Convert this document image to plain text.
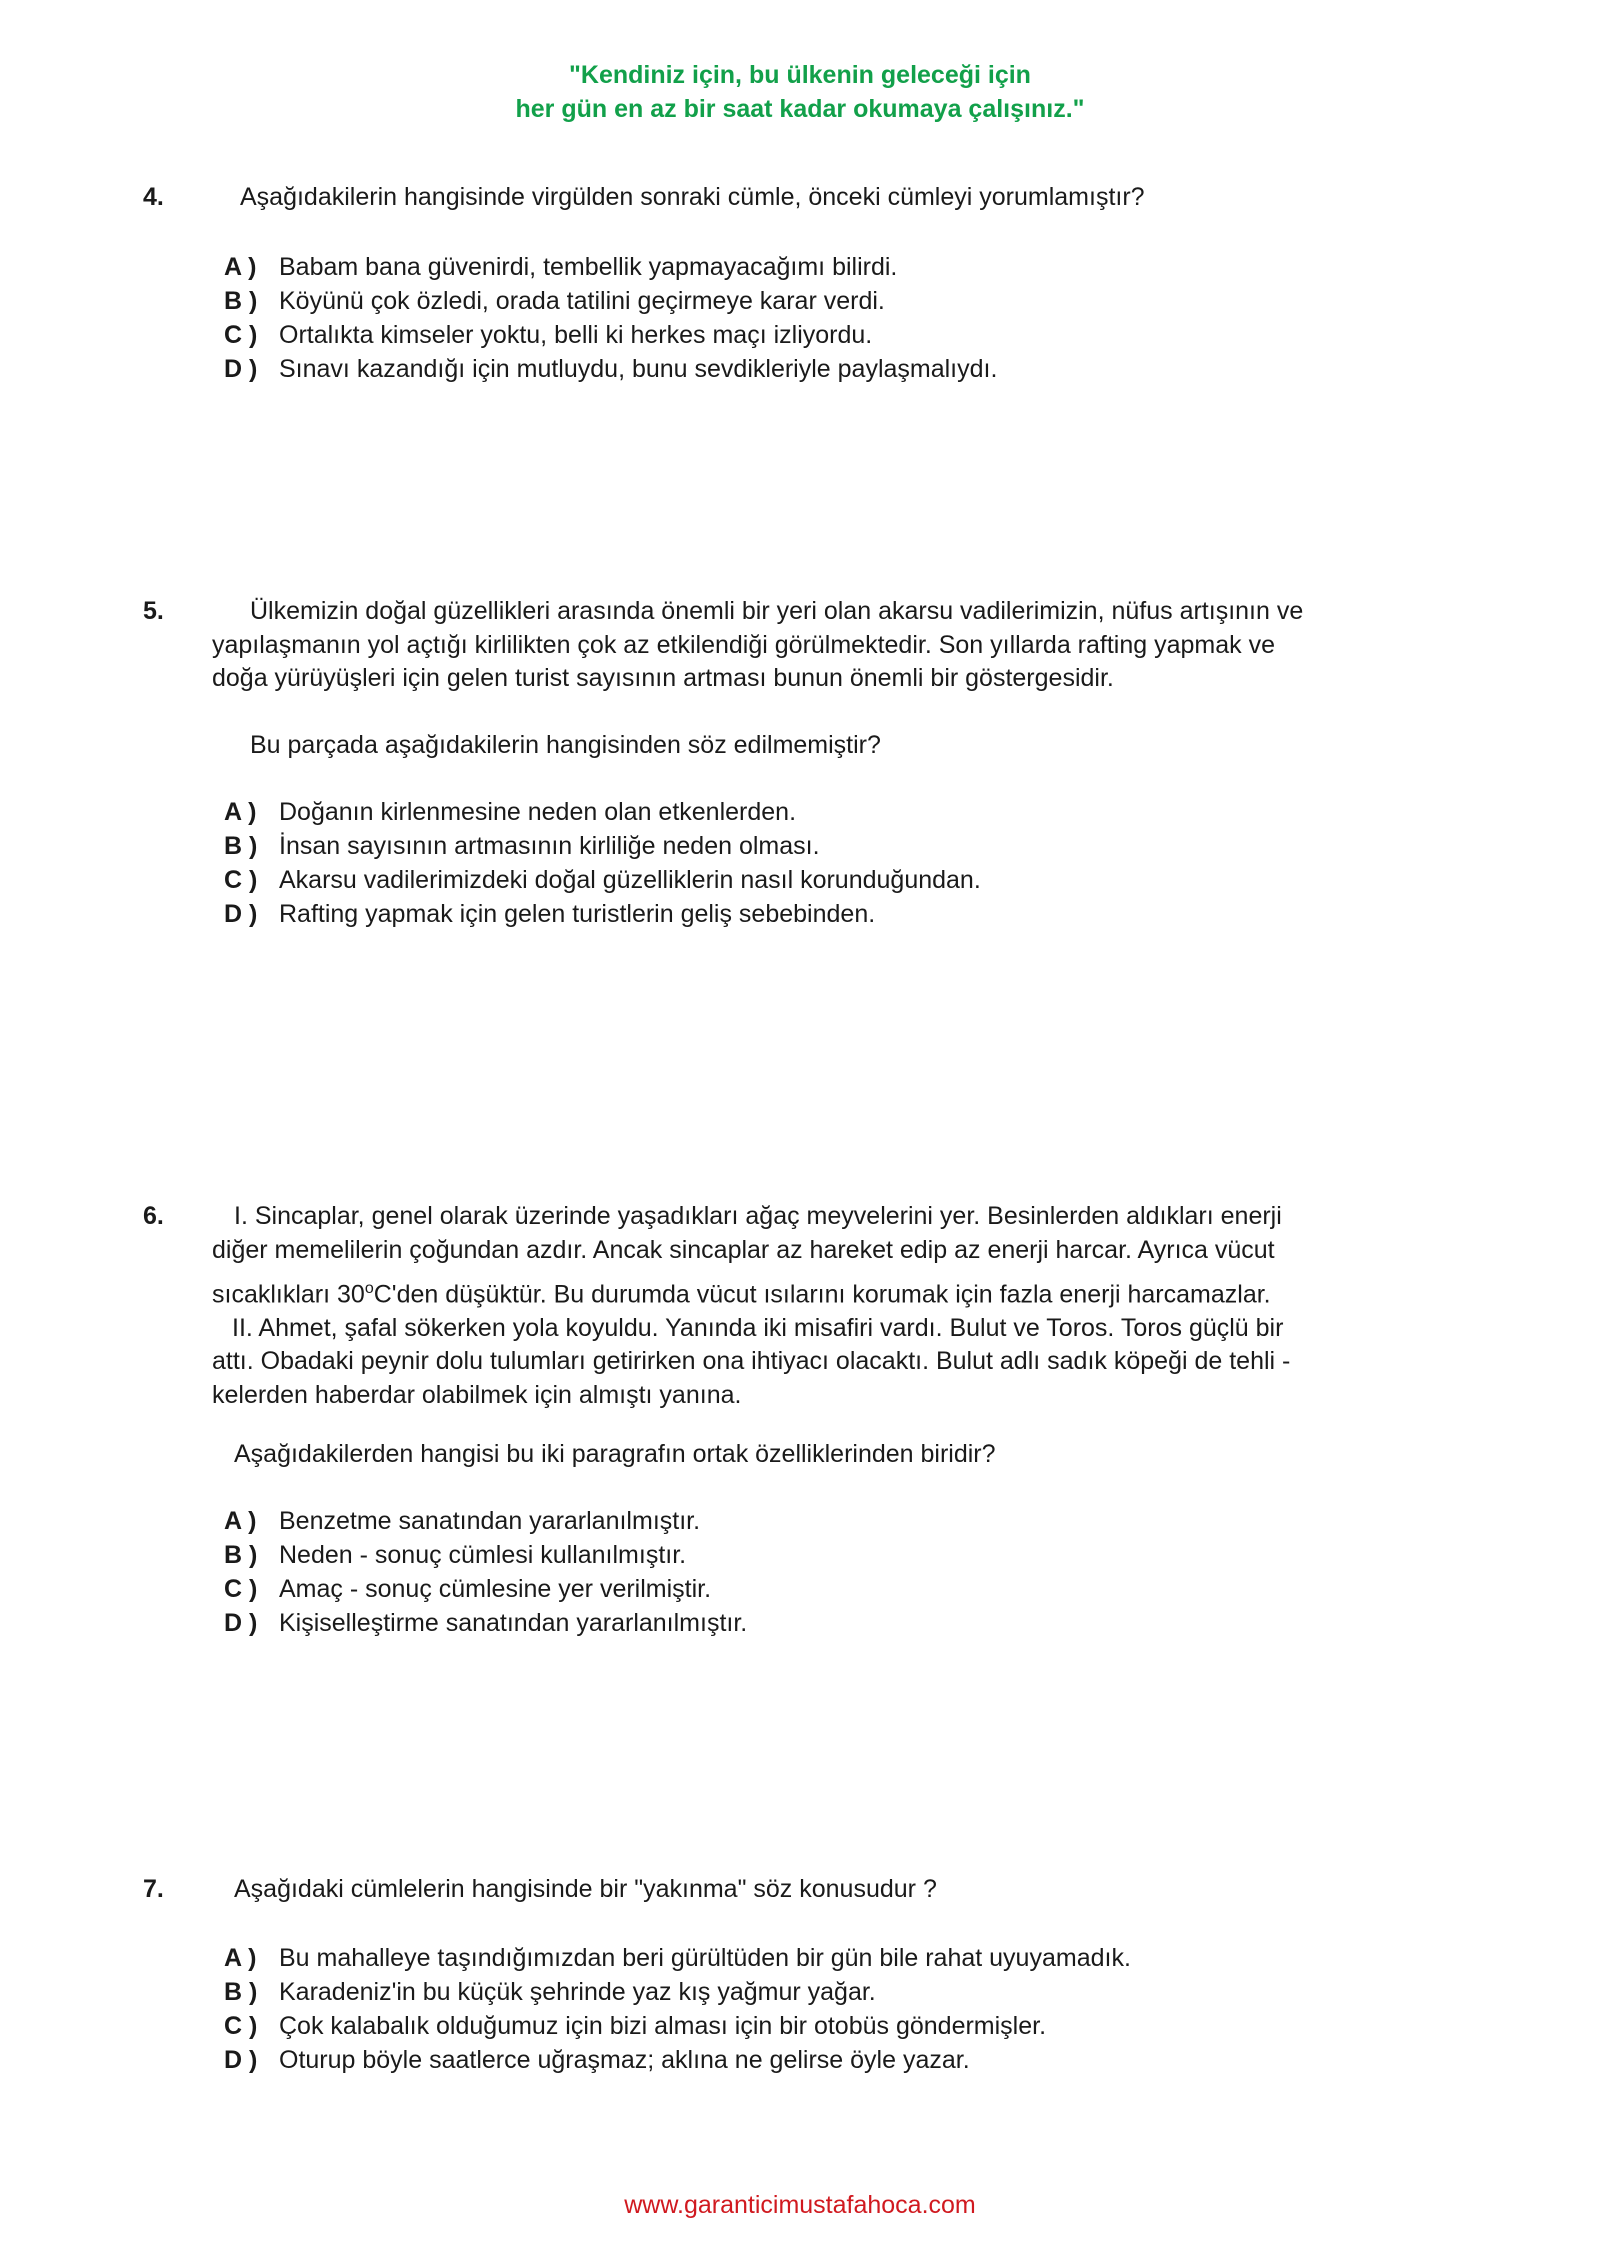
"Kendiniz için, bu ülkenin geleceği için
her gün en az bir saat kadar okumaya çalışınız."
4.	Aşağıdakilerin hangisinde virgülden sonraki cümle, önceki cümleyi yorumlamıştır?
A ) Babam bana güvenirdi, tembellik yapmayacağımı bilirdi.
B ) Köyünü çok özledi, orada tatilini geçirmeye karar verdi.
C ) Ortalıkta kimseler yoktu, belli ki herkes maçı izliyordu.
D ) Sınavı kazandığı için mutluydu, bunu sevdikleriyle paylaşmalıydı.
5.	Ülkemizin doğal güzellikleri arasında önemli bir yeri olan akarsu vadilerimizin, nüfus artışının ve

yapılaşmanın yol açtığı kirlilikten çok az etkilendiği görülmektedir. Son yıllarda rafting yapmak ve

doğa yürüyüşleri için gelen turist sayısının artması bunun önemli bir göstergesidir.

Bu parçada aşağıdakilerin hangisinden söz edilmemiştir?
A ) Doğanın kirlenmesine neden olan etkenlerden.
B ) İnsan sayısının artmasının kirliliğe neden olması.
C ) Akarsu vadilerimizdeki doğal güzelliklerin nasıl korunduğundan.
D ) Rafting yapmak için gelen turistlerin geliş sebebinden.
6.	I. Sincaplar, genel olarak üzerinde yaşadıkları ağaç meyvelerini yer. Besinlerden aldıkları enerji

diğer memelilerin çoğundan azdır. Ancak sincaplar az hareket edip az enerji harcar. Ayrıca vücut

sıcaklıkları 30$^o$C'den düşüktür. Bu durumda vücut ısılarını korumak için fazla enerji harcamazlar.

II. Ahmet, şafal sökerken yola koyuldu. Yanında iki misafiri vardı. Bulut ve Toros. Toros güçlü bir

attı. Obadaki peynir dolu tulumları getirirken ona ihtiyacı olacaktı. Bulut adlı sadık köpeği de tehli -

kelerden haberdar olabilmek için almıştı yanına.

Aşağıdakilerden hangisi bu iki paragrafın ortak özelliklerinden biridir?
A ) Benzetme sanatından yararlanılmıştır.
B ) Neden - sonuç cümlesi kullanılmıştır.
C ) Amaç - sonuç cümlesine yer verilmiştir.
D ) Kişiselleştirme sanatından yararlanılmıştır.
7.	Aşağıdaki cümlelerin hangisinde bir "yakınma" söz konusudur ?
A ) Bu mahalleye taşındığımızdan beri gürültüden bir gün bile rahat uyuyamadık.
B ) Karadeniz'in bu küçük şehrinde yaz kış yağmur yağar.
C ) Çok kalabalık olduğumuz için bizi alması için bir otobüs göndermişler.
D ) Oturup böyle saatlerce uğraşmaz; aklına ne gelirse öyle yazar.
www.garanticimustafahoca.com
